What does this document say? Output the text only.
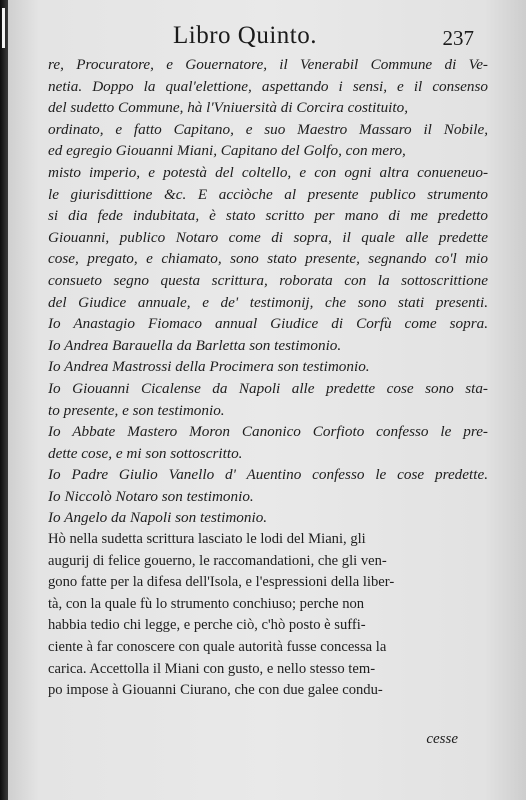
Libro Quinto.	237
re, Procuratore, e Gouernatore, il Venerabil Commune di Ve-
netia. Doppo la qual'elettione, aspettando i sensi, e il consenso
del sudetto Commune, hà l'Vniuersità di Corcira costituito,
ordinato, e fatto Capitano, e suo Maestro Massaro il Nobile,
ed egregio Giouanni Miani, Capitano del Golfo, con mero,
misto imperio, e potestà del coltello, e con ogni altra conueneuo-
le giurisdittione &c. E acciòche al presente publico strumento
si dia fede indubitata, è stato scritto per mano di me predetto
Giouanni, publico Notaro come di sopra, il quale alle predette
cose, pregato, e chiamato, sono stato presente, segnando co'l mio
consueto segno questa scrittura, roborata con la sottoscrittione
del Giudice annuale, e de' testimonij, che sono stati presenti.
Io Anastagio Fiomaco annual Giudice di Corfù come sopra.
Io Andrea Barauella da Barletta son testimonio.
Io Andrea Mastrossi della Procimera son testimonio.
Io Giouanni Cicalense da Napoli alle predette cose sono sta-
to presente, e son testimonio.
Io Abbate Mastero Moron Canonico Corfioto confesso le pre-
dette cose, e mi son sottoscritto.
Io Padre Giulio Vanello d' Auentino confesso le cose predette.
Io Niccolò Notaro son testimonio.
Io Angelo da Napoli son testimonio.
Hò nella sudetta scrittura lasciato le lodi del Miani, gli
augurij di felice gouerno, le raccomandationi, che gli ven-
gono fatte per la difesa dell'Isola, e l'espressioni della liber-
tà, con la quale fù lo strumento conchiuso; perche non
habbia tedio chi legge, e perche ciò, c'hò posto è suffi-
ciente à far conoscere con quale autorità fusse concessa la
carica. Accettolla il Miani con gusto, e nello stesso tem-
po impose à Giouanni Ciurano, che con due galee condu-
cesse
